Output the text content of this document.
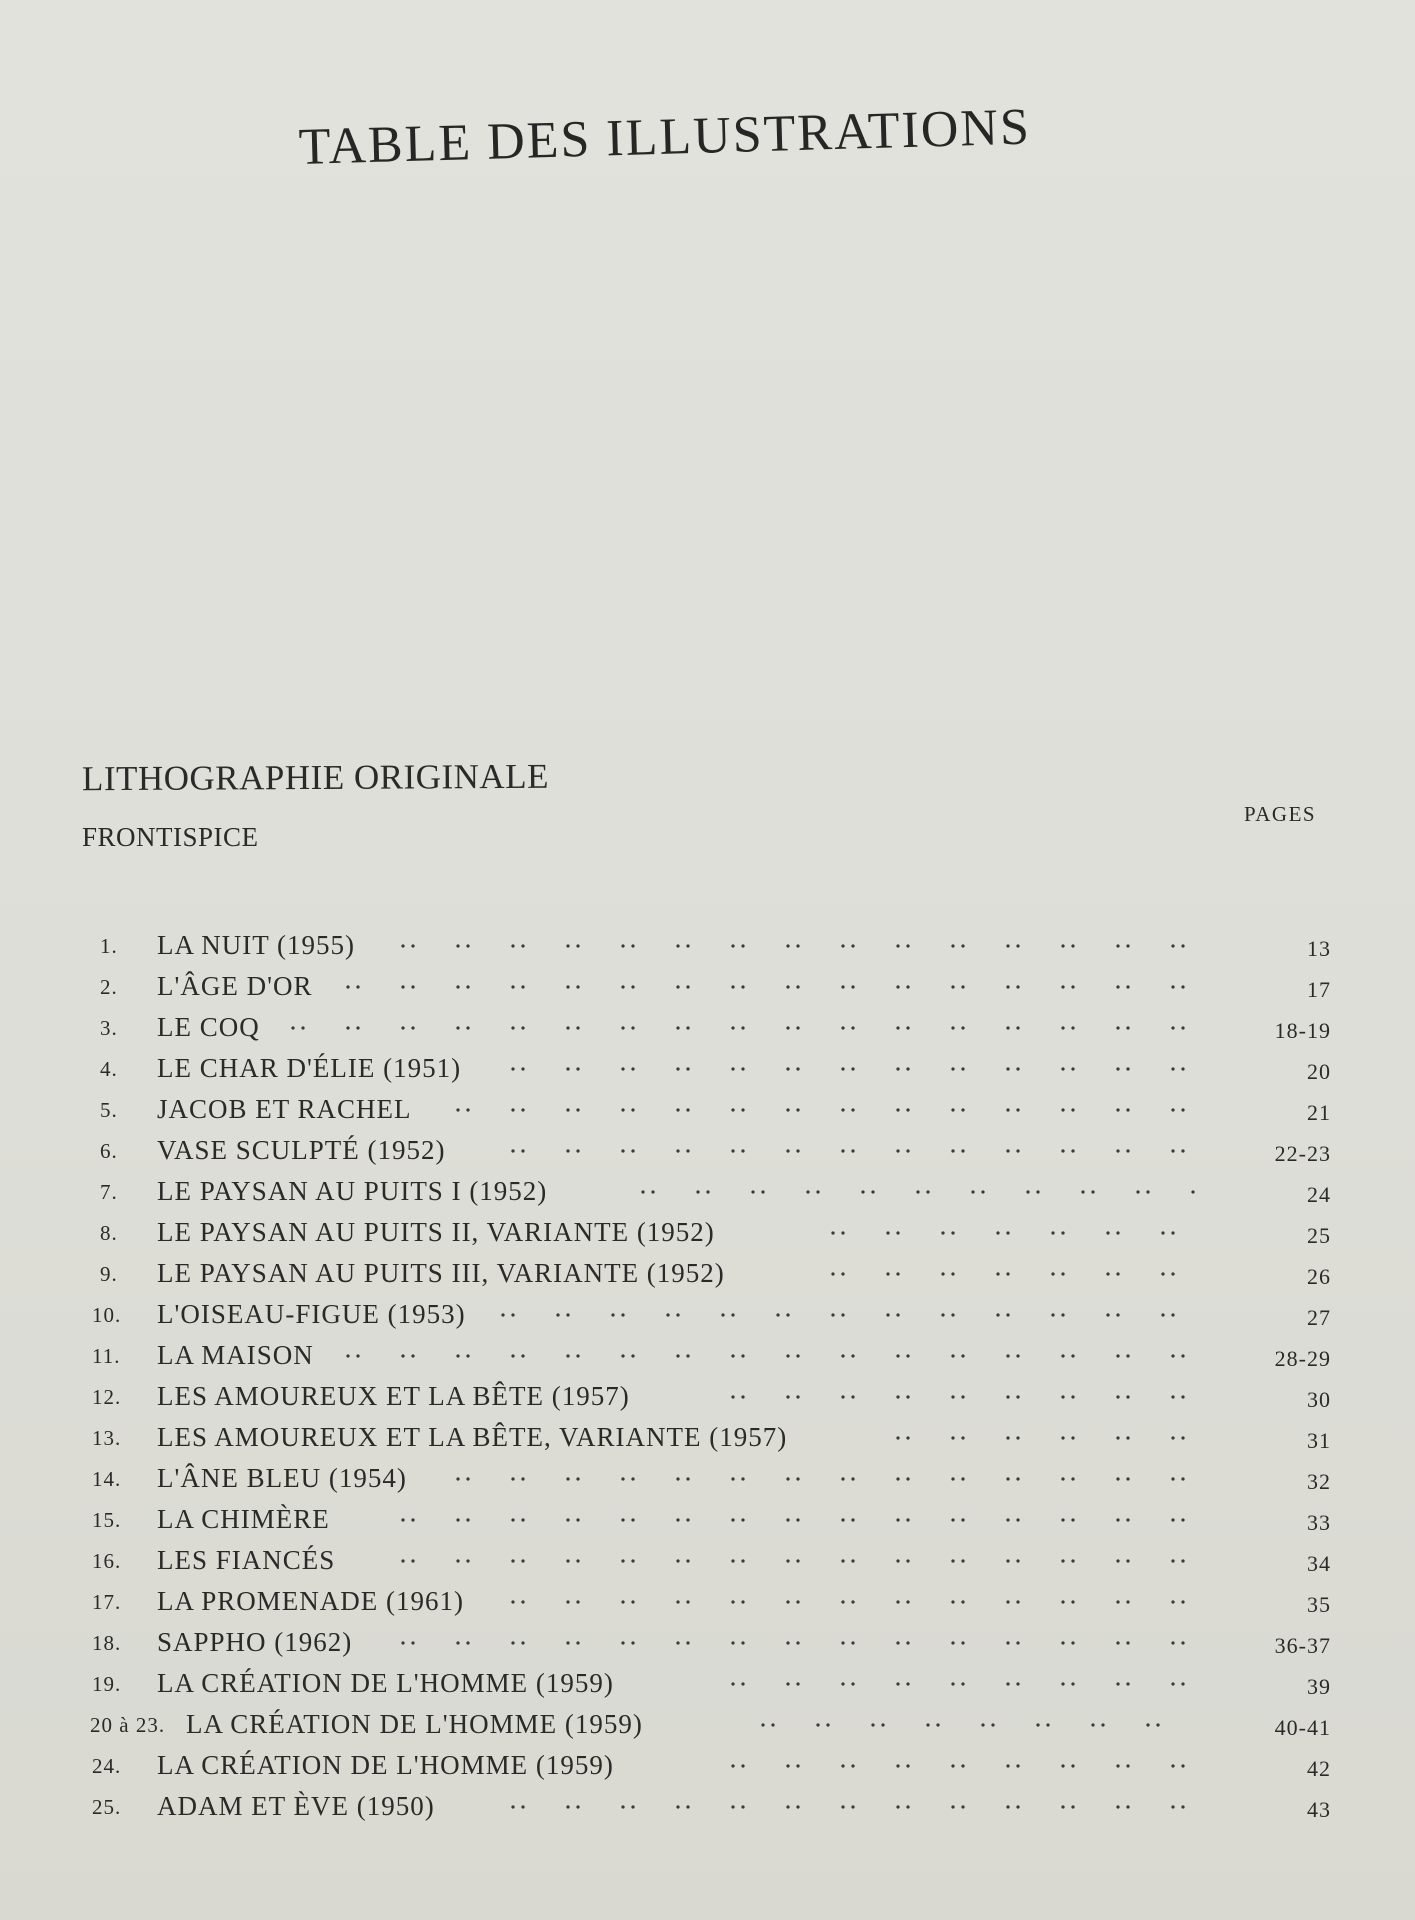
TABLE DES ILLUSTRATIONS
LITHOGRAPHIE ORIGINALE
FRONTISPICE
PAGES
1. LA NUIT (1955)	13
2. L'ÂGE D'OR	17
3. LE COQ	18-19
4. LE CHAR D'ÉLIE (1951)	20
5. JACOB ET RACHEL	21
6. VASE SCULPTÉ (1952)	22-23
7. LE PAYSAN AU PUITS I (1952)	24
8. LE PAYSAN AU PUITS II, VARIANTE (1952)	25
9. LE PAYSAN AU PUITS III, VARIANTE (1952)	26
10. L'OISEAU-FIGUE (1953)	27
11. LA MAISON	28-29
12. LES AMOUREUX ET LA BÊTE (1957)	30
13. LES AMOUREUX ET LA BÊTE, VARIANTE (1957)	31
14. L'ÂNE BLEU (1954)	32
15. LA CHIMÈRE	33
16. LES FIANCÉS	34
17. LA PROMENADE (1961)	35
18. SAPPHO (1962)	36-37
19. LA CRÉATION DE L'HOMME (1959)	39
20 à 23. LA CRÉATION DE L'HOMME (1959)	40-41
24. LA CRÉATION DE L'HOMME (1959)	42
25. ADAM ET ÈVE (1950)	43
